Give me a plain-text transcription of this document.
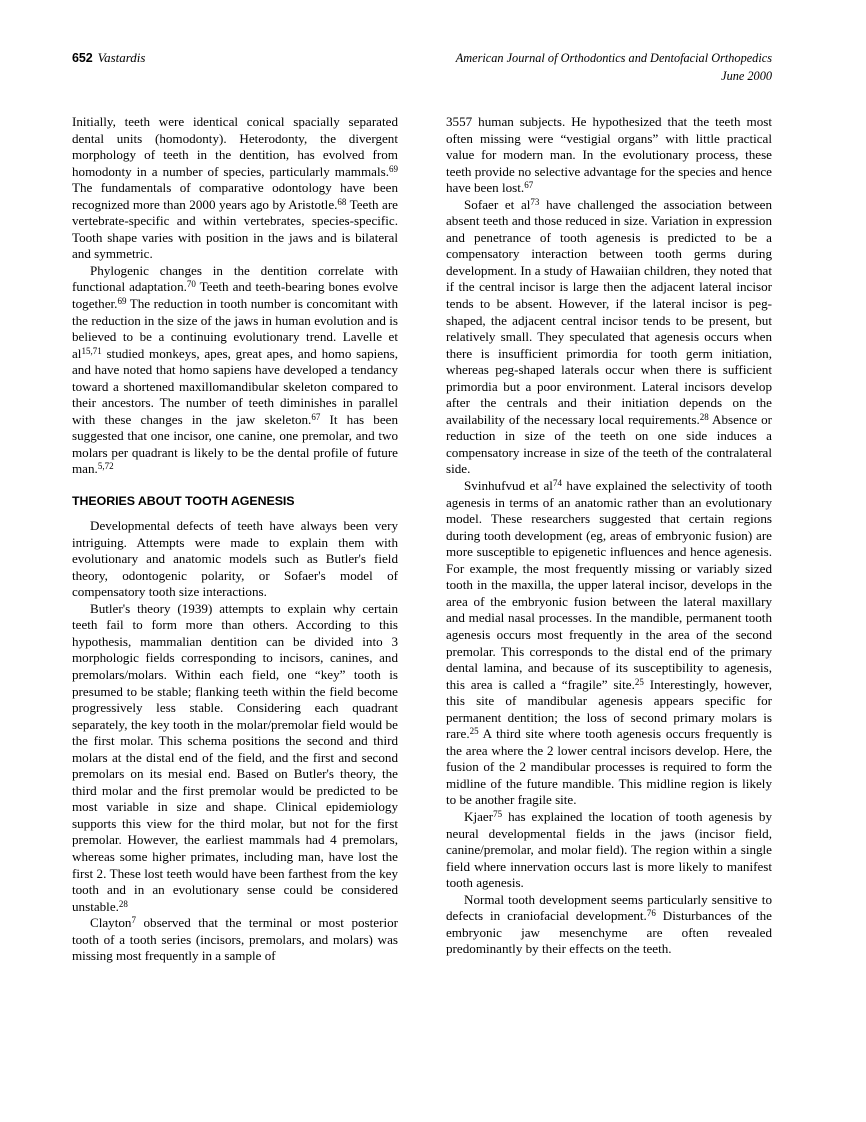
652 Vastardis	American Journal of Orthodontics and Dentofacial Orthopedics
June 2000

Initially, teeth were identical conical spacially separated dental units (homodonty). Heterodonty, the divergent morphology of teeth in the dentition, has evolved from homodonty in a number of species, particularly mammals.$^{69}$ The fundamentals of comparative odontology have been recognized more than 2000 years ago by Aristotle.$^{68}$ Teeth are vertebrate-specific and within vertebrates, species-specific. Tooth shape varies with position in the jaws and is bilateral and symmetric.

Phylogenic changes in the dentition correlate with functional adaptation.$^{70}$ Teeth and teeth-bearing bones evolve together.$^{69}$ The reduction in tooth number is concomitant with the reduction in the size of the jaws in human evolution and is believed to be a continuing evolutionary trend. Lavelle et al$^{15,71}$ studied monkeys, apes, great apes, and homo sapiens, and have noted that homo sapiens have developed a tendancy toward a shortened maxillomandibular skeleton compared to their ancestors. The number of teeth diminishes in parallel with these changes in the jaw skeleton.$^{67}$ It has been suggested that one incisor, one canine, one premolar, and two molars per quadrant is likely to be the dental profile of future man.$^{5,72}$

THEORIES ABOUT TOOTH AGENESIS

Developmental defects of teeth have always been very intriguing. Attempts were made to explain them with evolutionary and anatomic models such as Butler's field theory, odontogenic polarity, or Sofaer's model of compensatory tooth size interactions.

Butler's theory (1939) attempts to explain why certain teeth fail to form more than others. According to this hypothesis, mammalian dentition can be divided into 3 morphologic fields corresponding to incisors, canines, and premolars/molars. Within each field, one “key” tooth is presumed to be stable; flanking teeth within the field become progressively less stable. Considering each quadrant separately, the key tooth in the molar/premolar field would be the first molar. This schema positions the second and third molars at the distal end of the field, and the first and second premolars on its mesial end. Based on Butler's theory, the third molar and the first premolar would be predicted to be most variable in size and shape. Clinical epidemiology supports this view for the third molar, but not for the first premolar. However, the earliest mammals had 4 premolars, whereas some higher primates, including man, have lost the first 2. These lost teeth would have been farthest from the key tooth and in an evolutionary sense could be considered unstable.$^{28}$

Clayton$^7$ observed that the terminal or most posterior tooth of a tooth series (incisors, premolars, and molars) was missing most frequently in a sample of

3557 human subjects. He hypothesized that the teeth most often missing were “vestigial organs” with little practical value for modern man. In the evolutionary process, these teeth provide no selective advantage for the species and hence have been lost.$^{67}$

Sofaer et $al^{73}$ have challenged the association between absent teeth and those reduced in size. Variation in expression and penetrance of tooth agenesis is predicted to be a compensatory interaction between tooth germs during development. In a study of Hawaiian children, they noted that if the central incisor is large then the adjacent lateral incisor tends to be absent. However, if the lateral incisor is peg-shaped, the adjacent central incisor tends to be present, but relatively small. They speculated that agenesis occurs when there is insufficient primordia for tooth germ initiation, whereas peg-shaped laterals occur when there is sufficient primordia but a poor environment. Lateral incisors develop after the centrals and their initiation depends on the availability of the necessary local requirements.$^{28}$ Absence or reduction in size of the teeth on one side induces a compensatory increase in size of the teeth of the contralateral side.

Svinhufvud et $al^{74}$ have explained the selectivity of tooth agenesis in terms of an anatomic rather than an evolutionary model. These researchers suggested that certain regions during tooth development (eg, areas of embryonic fusion) are more susceptible to epigenetic influences and hence agenesis. For example, the most frequently missing or variably sized tooth in the maxilla, the upper lateral incisor, develops in the area of the embryonic fusion between the lateral maxillary and medial nasal processes. In the mandible, permanent tooth agenesis occurs most frequently in the area of the second premolar. This corresponds to the distal end of the primary dental lamina, and because of its susceptibility to agenesis, this area is called a “fragile” site.$^{25}$ Interestingly, however, this site of mandibular agenesis appears specific for permanent dentition; the loss of second primary molars is rare.$^{25}$ A third site where tooth agenesis occurs frequently is the area where the 2 lower central incisors develop. Here, the fusion of the 2 mandibular processes is required to form the midline of the future mandible. This midline region is likely to be another fragile site.

Kjaer$^{75}$ has explained the location of tooth agenesis by neural developmental fields in the jaws (incisor field, canine/premolar, and molar field). The region within a single field where innervation occurs last is more likely to manifest tooth agenesis.

Normal tooth development seems particularly sensitive to defects in craniofacial development.$^{76}$ Disturbances of the embryonic jaw mesenchyme are often revealed predominantly by their effects on the teeth.
